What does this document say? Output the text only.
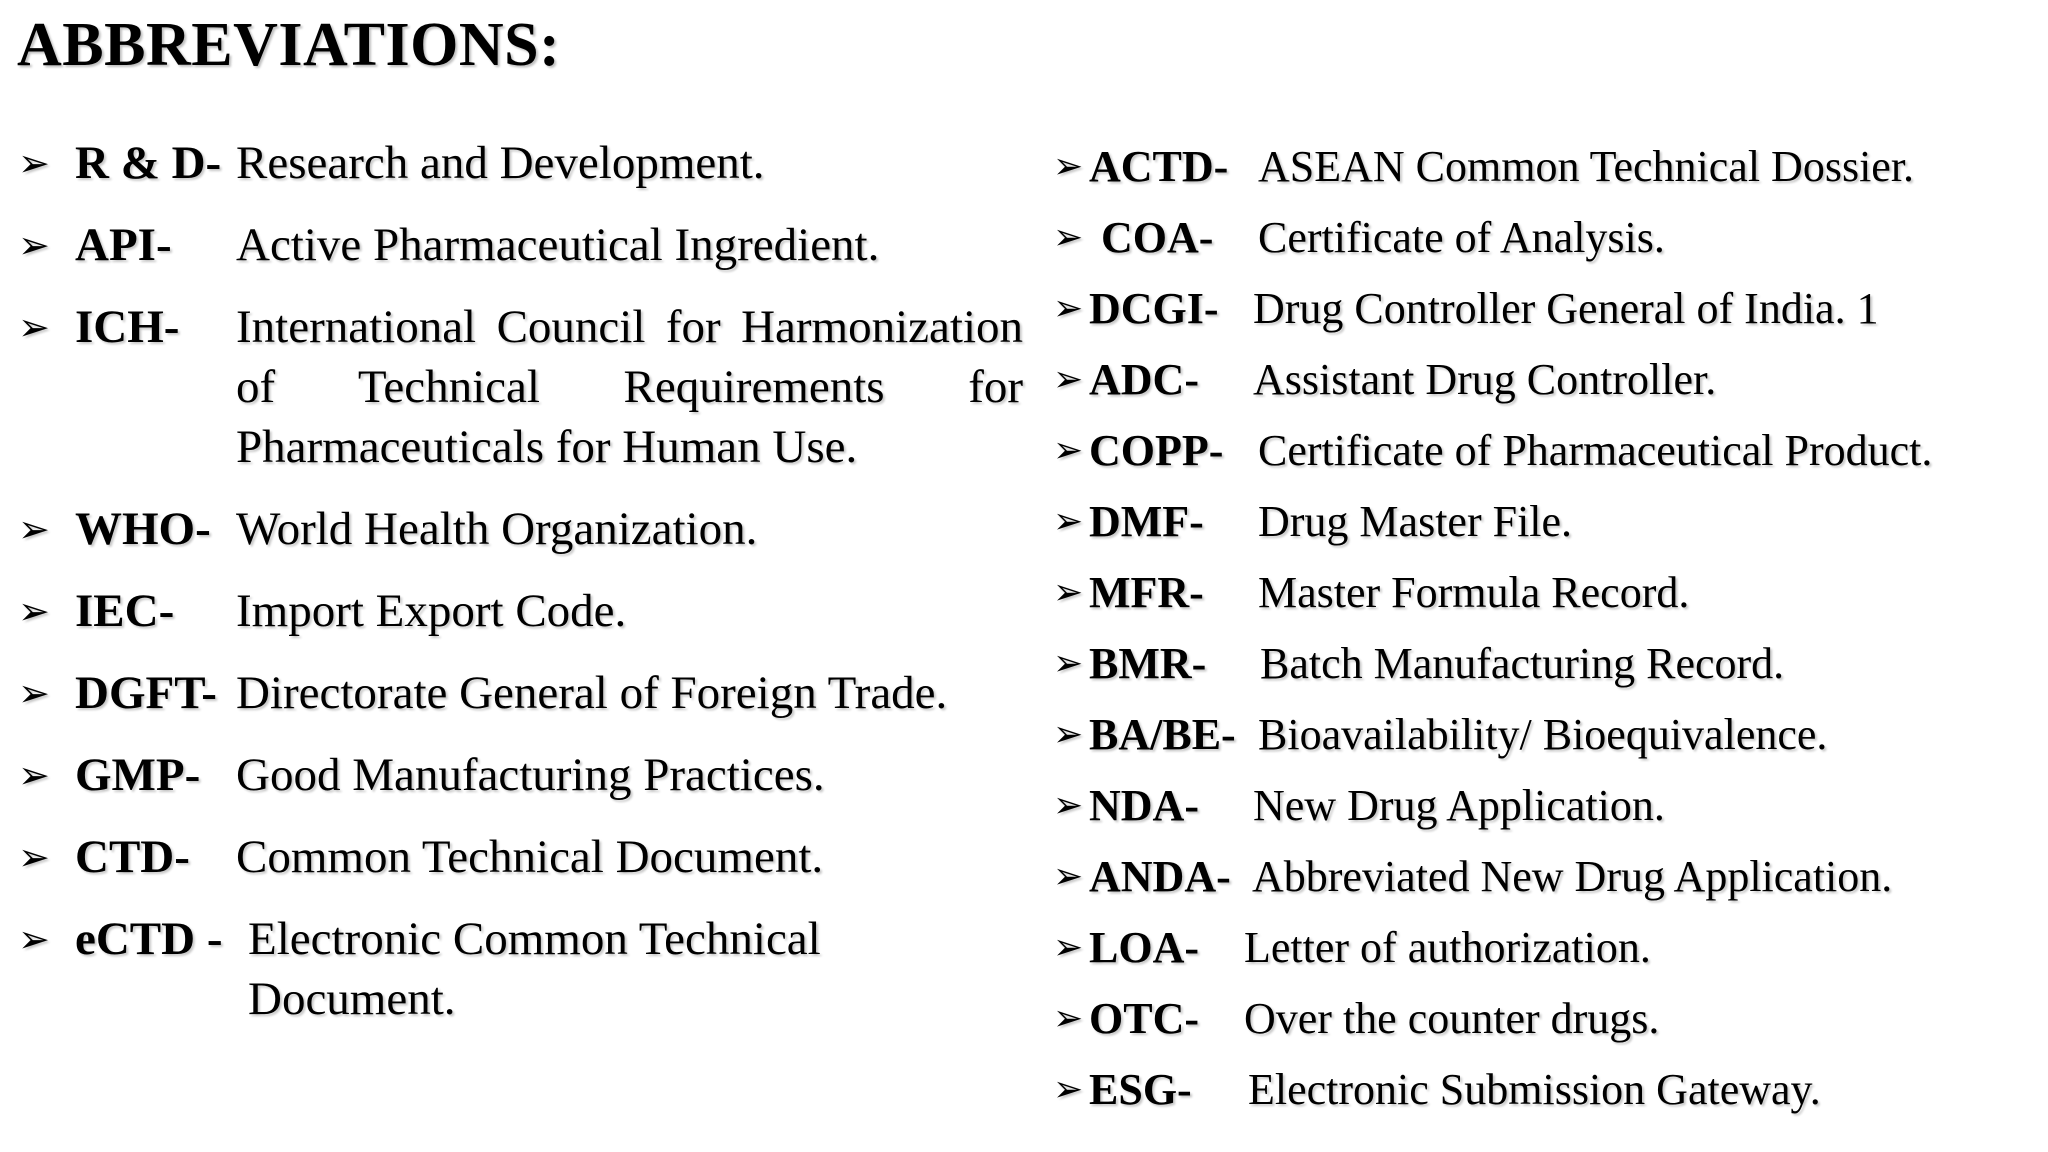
ABBREVIATIONS:
➢ R & D- Research and Development.
➢ API- Active Pharmaceutical Ingredient.
➢ ICH- International Council for Harmonization of Technical Requirements for Pharmaceuticals for Human Use.
➢ WHO- World Health Organization.
➢ IEC- Import Export Code.
➢ DGFT- Directorate General of Foreign Trade.
➢ GMP- Good Manufacturing Practices.
➢ CTD- Common Technical Document.
➢ eCTD - Electronic Common Technical Document.
➢ ACTD- ASEAN Common Technical Dossier.
➢ COA- Certificate of Analysis.
➢ DCGI- Drug Controller General of India. 1
➢ ADC- Assistant Drug Controller.
➢ COPP- Certificate of Pharmaceutical Product.
➢ DMF- Drug Master File.
➢ MFR- Master Formula Record.
➢ BMR- Batch Manufacturing Record.
➢ BA/BE- Bioavailability/ Bioequivalence.
➢ NDA- New Drug Application.
➢ ANDA- Abbreviated New Drug Application.
➢ LOA- Letter of authorization.
➢ OTC- Over the counter drugs.
➢ ESG- Electronic Submission Gateway.
